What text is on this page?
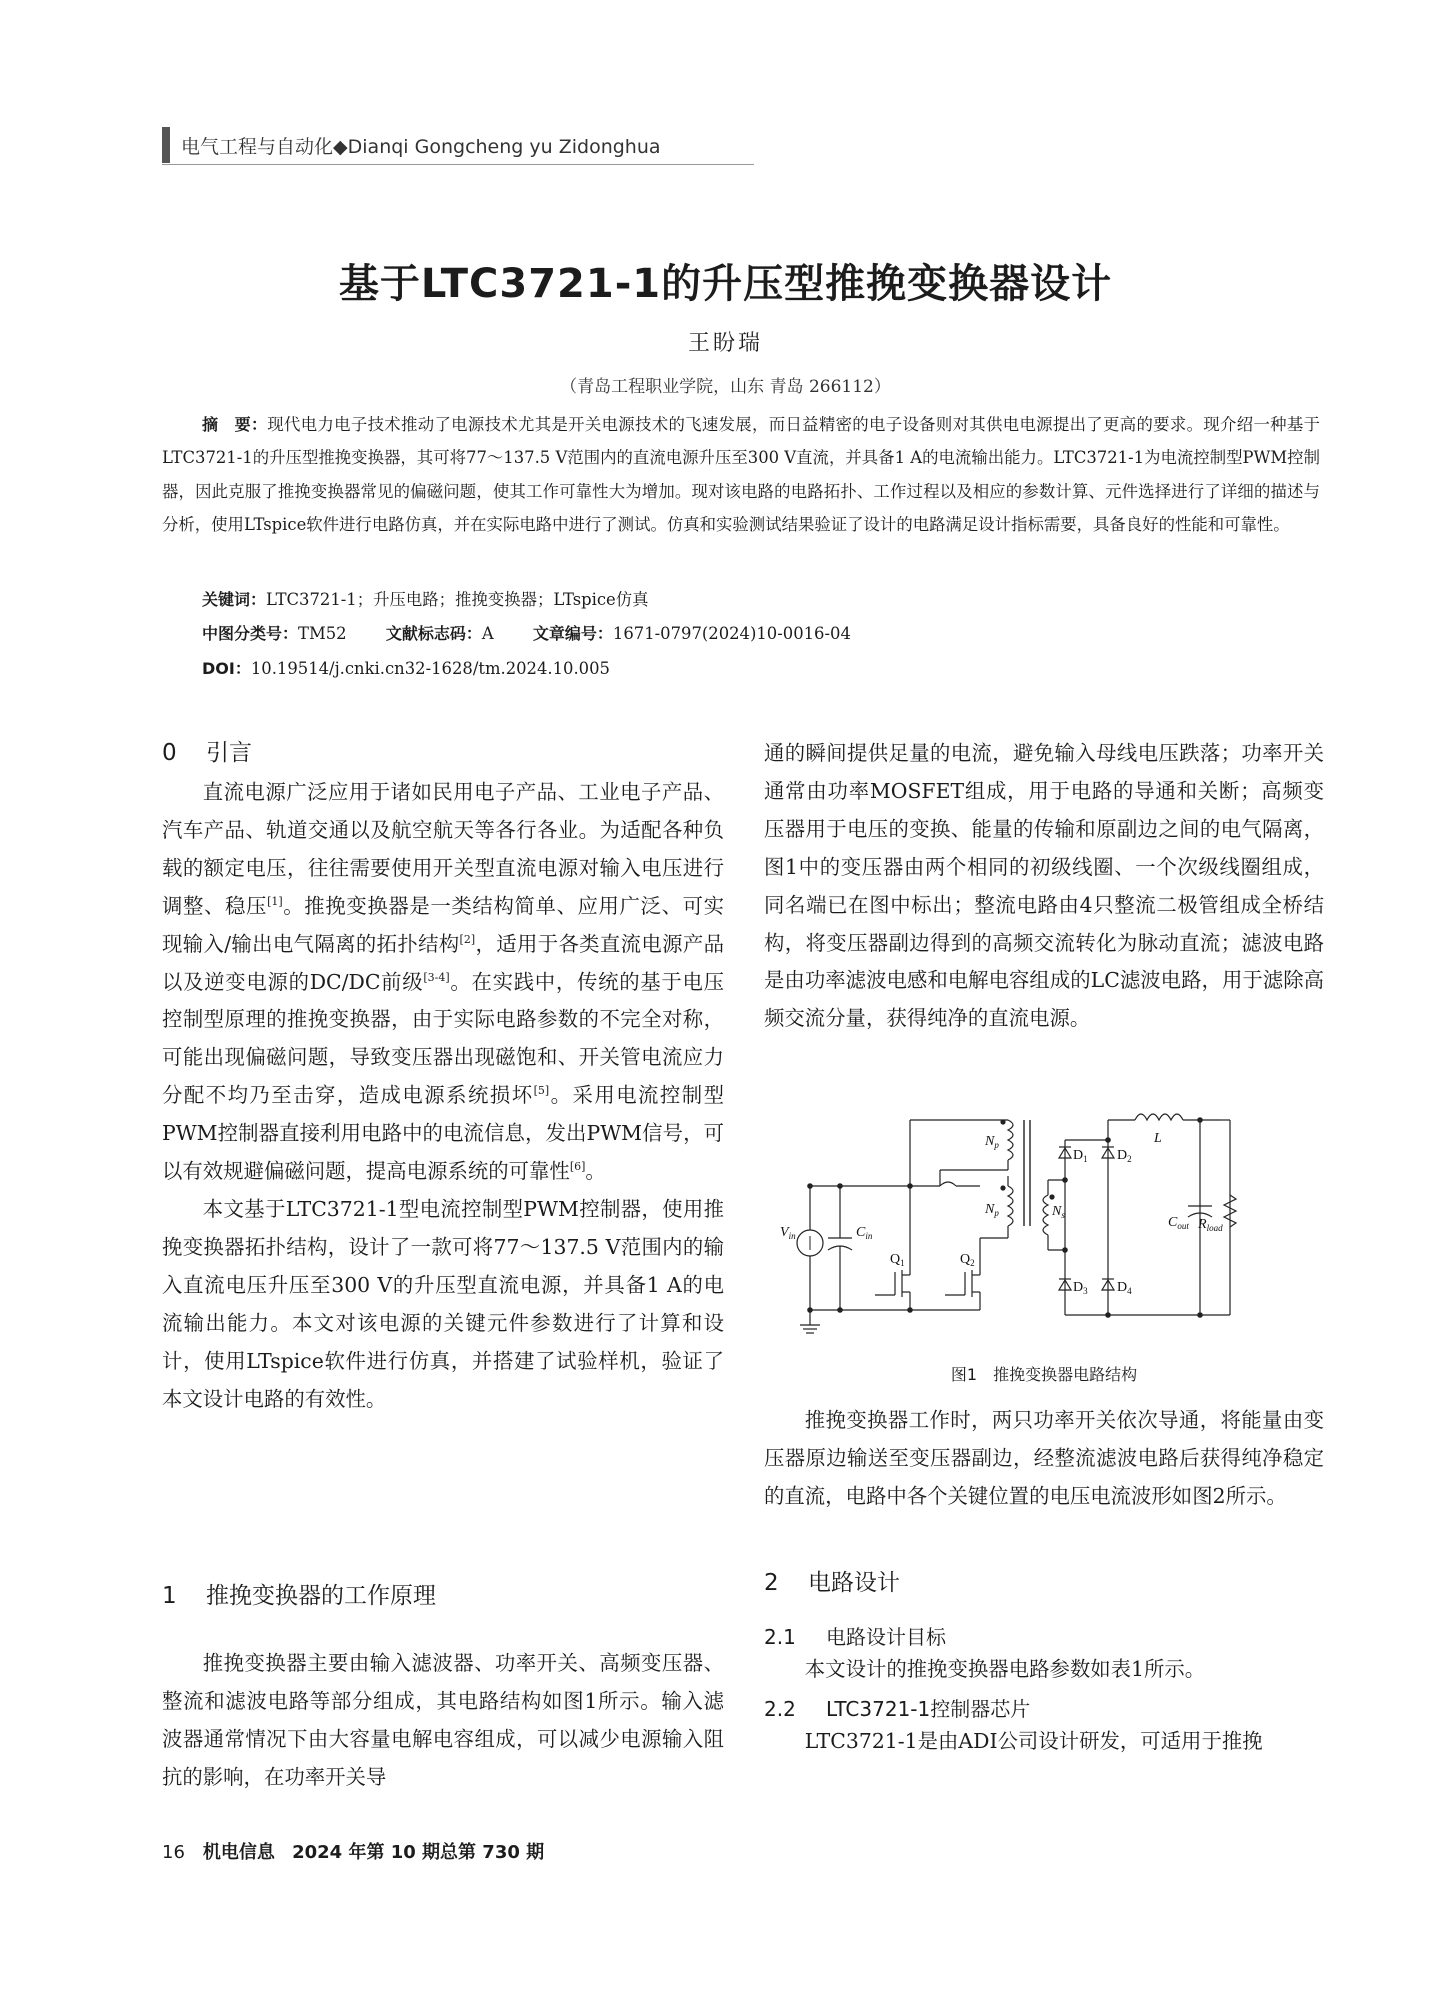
电气工程与自动化◆Dianqi Gongcheng yu Zidonghua
基于LTC3721-1的升压型推挽变换器设计
王盼瑞
（青岛工程职业学院，山东 青岛 266112）
摘　要：现代电力电子技术推动了电源技术尤其是开关电源技术的飞速发展，而日益精密的电子设备则对其供电电源提出了更高的要求。现介绍一种基于LTC3721-1的升压型推挽变换器，其可将77～137.5 V范围内的直流电源升压至300 V直流，并具备1 A的电流输出能力。LTC3721-1为电流控制型PWM控制器，因此克服了推挽变换器常见的偏磁问题，使其工作可靠性大为增加。现对该电路的电路拓扑、工作过程以及相应的参数计算、元件选择进行了详细的描述与分析，使用LTspice软件进行电路仿真，并在实际电路中进行了测试。仿真和实验测试结果验证了设计的电路满足设计指标需要，具备良好的性能和可靠性。
关键词：LTC3721-1；升压电路；推挽变换器；LTspice仿真
中图分类号：TM52 文献标志码：A 文章编号：1671-0797(2024)10-0016-04
DOI：10.19514/j.cnki.cn32-1628/tm.2024.10.005
0 引言

直流电源广泛应用于诸如民用电子产品、工业电子产品、汽车产品、轨道交通以及航空航天等各行各业。为适配各种负载的额定电压，往往需要使用开关型直流电源对输入电压进行调整、稳压[1]。推挽变换器是一类结构简单、应用广泛、可实现输入/输出电气隔离的拓扑结构[2]，适用于各类直流电源产品以及逆变电源的DC/DC前级[3-4]。在实践中，传统的基于电压控制型原理的推挽变换器，由于实际电路参数的不完全对称，可能出现偏磁问题，导致变压器出现磁饱和、开关管电流应力分配不均乃至击穿，造成电源系统损坏[5]。采用电流控制型PWM控制器直接利用电路中的电流信息，发出PWM信号，可以有效规避偏磁问题，提高电源系统的可靠性[6]。

本文基于LTC3721-1型电流控制型PWM控制器，使用推挽变换器拓扑结构，设计了一款可将77～137.5 V范围内的输入直流电压升压至300 V的升压型直流电源，并具备1 A的电流输出能力。本文对该电源的关键元件参数进行了计算和设计，使用LTspice软件进行仿真，并搭建了试验样机，验证了本文设计电路的有效性。

1 推挽变换器的工作原理

推挽变换器主要由输入滤波器、功率开关、高频变压器、整流和滤波电路等部分组成，其电路结构如图1所示。输入滤波器通常情况下由大容量电解电容组成，可以减少电源输入阻抗的影响，在功率开关导

通的瞬间提供足量的电流，避免输入母线电压跌落；功率开关通常由功率MOSFET组成，用于电路的导通和关断；高频变压器用于电压的变换、能量的传输和原副边之间的电气隔离，图1中的变压器由两个相同的初级线圈、一个次级线圈组成，同名端已在图中标出；整流电路由4只整流二极管组成全桥结构，将变压器副边得到的高频交流转化为脉动直流；滤波电路是由功率滤波电感和电解电容组成的LC滤波电路，用于滤除高频交流分量，获得纯净的直流电源。

$N_p$
$N_p$	$N_s$
$V_{in}$	$C_{in}$
$Q_1$	$Q_2$
$D_1$ $D_2$
$D_3$ $D_4$
L
$C_{out}$ $R_{load}$
图1　推挽变换器电路结构

推挽变换器工作时，两只功率开关依次导通，将能量由变压器原边输送至变压器副边，经整流滤波电路后获得纯净稳定的直流，电路中各个关键位置的电压电流波形如图2所示。

2 电路设计
2.1 电路设计目标

本文设计的推挽变换器电路参数如表1所示。

2.2 LTC3721-1控制器芯片

LTC3721-1是由ADI公司设计研发，可适用于推挽

16 机电信息 2024 年第 10 期总第 730 期
